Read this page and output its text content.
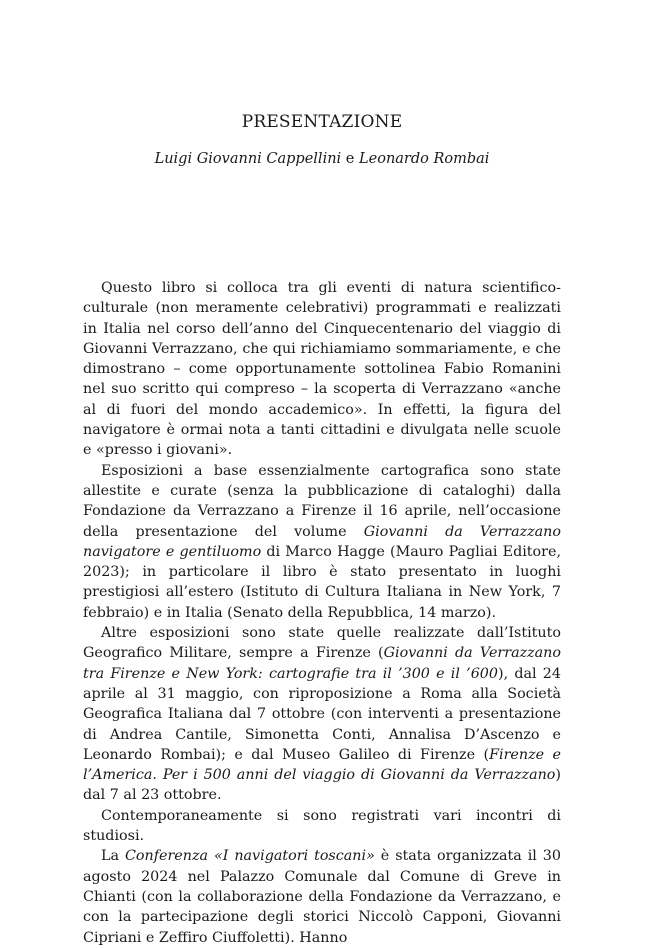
PRESENTAZIONE
Luigi Giovanni Cappellini e Leonardo Rombai

Questo libro si colloca tra gli eventi di natura scientifico-culturale (non meramente celebrativi) programmati e realizzati in Italia nel corso dell’anno del Cinquecentenario del viaggio di Giovanni Verrazzano, che qui richiamiamo sommariamente, e che dimostrano – come opportunamente sottolinea Fabio Romanini nel suo scritto qui compreso – la scoperta di Verrazzano «anche al di fuori del mondo accademico». In effetti, la figura del navigatore è ormai nota a tanti cittadini e divulgata nelle scuole e «presso i giovani».

Esposizioni a base essenzialmente cartografica sono state allestite e curate (senza la pubblicazione di cataloghi) dalla Fondazione da Verrazzano a Firenze il 16 aprile, nell’occasione della presentazione del volume Giovanni da Verrazzano navigatore e gentiluomo di Marco Hagge (Mauro Pagliai Editore, 2023); in particolare il libro è stato presentato in luoghi prestigiosi all’estero (Istituto di Cultura Italiana in New York, 7 febbraio) e in Italia (Senato della Repubblica, 14 marzo).

Altre esposizioni sono state quelle realizzate dall’Istituto Geografico Militare, sempre a Firenze (Giovanni da Verrazzano tra Firenze e New York: cartografie tra il ’300 e il ’600), dal 24 aprile al 31 maggio, con riproposizione a Roma alla Società Geografica Italiana dal 7 ottobre (con interventi a presentazione di Andrea Cantile, Simonetta Conti, Annalisa D’Ascenzo e Leonardo Rombai); e dal Museo Galileo di Firenze (Firenze e l’America. Per i 500 anni del viaggio di Giovanni da Verrazzano) dal 7 al 23 ottobre.

Contemporaneamente si sono registrati vari incontri di studiosi.

La Conferenza «I navigatori toscani» è stata organizzata il 30 agosto 2024 nel Palazzo Comunale dal Comune di Greve in Chianti (con la collaborazione della Fondazione da Verrazzano, e con la partecipazione degli storici Niccolò Capponi, Giovanni Cipriani e Zeffiro Ciuffoletti). Hanno
